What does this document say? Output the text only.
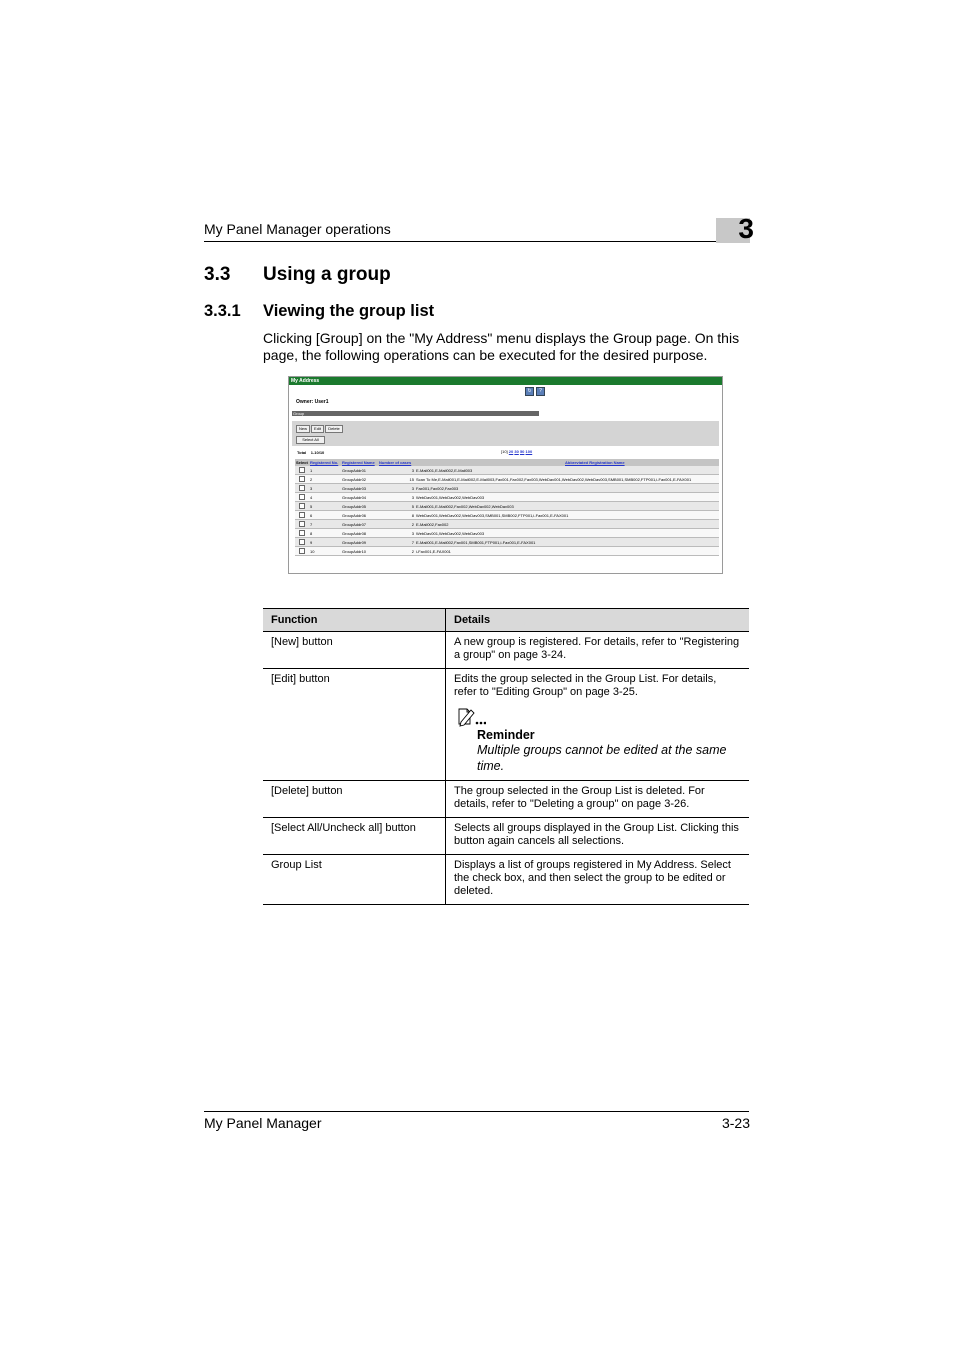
My Panel Manager operations	3
3.3 Using a group
3.3.1 Viewing the group list
Clicking [Group] on the "My Address" menu displays the Group page. On this page, the following operations can be executed for the desired purpose.
My Address
↻ ?
Owner: User1
Group
New	Edit	Delete
Select All
Total 1-10/10	[10] 20 30 50 100
Select	Registered No.	Registered Name	Number of cases	Abbreviated Registration Name
	1	GroupAddr01	3	E-Mail001,E-Mail002,E-Mail003
	2	GroupAddr02	15	Scan To Me,E-Mail001,E-Mail002,E-Mail003,Fax001,Fax002,Fax003,WebDav001,WebDav002,WebDav003,SMB001,SMB002,FTP001,i-Fax001,E-FAX001
	3	GroupAddr03	3	Fax001,Fax002,Fax003
	4	GroupAddr04	3	WebDav001,WebDav002,WebDav003
	5	GroupAddr05	5	E-Mail001,E-Mail002,Fax002,WebDav002,WebDav003
	6	GroupAddr06	8	WebDav001,WebDav002,WebDav003,SMB001,SMB002,FTP001,i-Fax001,E-FAX001
	7	GroupAddr07	2	E-Mail002,Fax002
	8	GroupAddr08	3	WebDav001,WebDav002,WebDav003
	9	GroupAddr09	7	E-Mail001,E-Mail002,Fax001,SMB001,FTP001,i-Fax001,E-FAX001
	10	GroupAddr10	2	i-Fax001,E-FAX001
Function	Details
[New] button	A new group is registered. For details, refer to "Registering a group" on page 3-24.
[Edit] button	Edits the group selected in the Group List. For details, refer to "Editing Group" on page 3-25.
Reminder
Multiple groups cannot be edited at the same time.

[Delete] button	The group selected in the Group List is deleted. For details, refer to "Deleting a group" on page 3-26.
[Select All/Uncheck all] button	Selects all groups displayed in the Group List. Clicking this button again cancels all selections.
Group List	Displays a list of groups registered in My Address. Select the check box, and then select the group to be edited or deleted.
My Panel Manager	3-23
